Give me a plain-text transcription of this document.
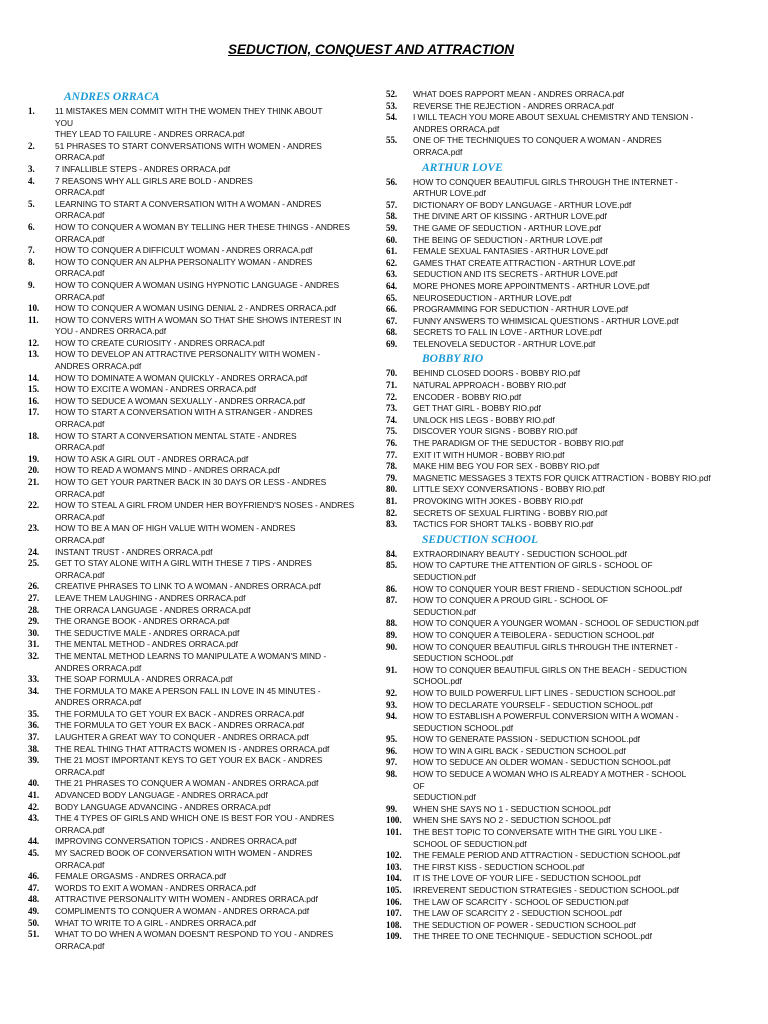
SEDUCTION, CONQUEST AND ATTRACTION
ANDRES ORRACA
1.	11 MISTAKES MEN COMMIT WITH THE WOMEN THEY THINK ABOUT
YOU
THEY LEAD TO FAILURE - ANDRES ORRACA.pdf
2.	51 PHRASES TO START CONVERSATIONS WITH WOMEN - ANDRES
ORRACA.pdf
3.	7 INFALLIBLE STEPS - ANDRES ORRACA.pdf
4.	7 REASONS WHY ALL GIRLS ARE BOLD - ANDRES
ORRACA.pdf
5.	LEARNING TO START A CONVERSATION WITH A WOMAN - ANDRES
ORRACA.pdf
6.	HOW TO CONQUER A WOMAN BY TELLING HER THESE THINGS - ANDRES
ORRACA.pdf
7.	HOW TO CONQUER A DIFFICULT WOMAN - ANDRES ORRACA.pdf
8.	HOW TO CONQUER AN ALPHA PERSONALITY WOMAN - ANDRES
ORRACA.pdf
9.	HOW TO CONQUER A WOMAN USING HYPNOTIC LANGUAGE - ANDRES
ORRACA.pdf
10.	HOW TO CONQUER A WOMAN USING DENIAL 2 - ANDRES ORRACA.pdf
11.	HOW TO CONVERS WITH A WOMAN SO THAT SHE SHOWS INTEREST IN
YOU - ANDRES ORRACA.pdf
12.	HOW TO CREATE CURIOSITY - ANDRES ORRACA.pdf
13.	HOW TO DEVELOP AN ATTRACTIVE PERSONALITY WITH WOMEN -
ANDRES ORRACA.pdf
14.	HOW TO DOMINATE A WOMAN QUICKLY - ANDRES ORRACA.pdf
15.	HOW TO EXCITE A WOMAN - ANDRES ORRACA.pdf
16.	HOW TO SEDUCE A WOMAN SEXUALLY - ANDRES ORRACA.pdf
17.	HOW TO START A CONVERSATION WITH A STRANGER - ANDRES
ORRACA.pdf
18.	HOW TO START A CONVERSATION MENTAL STATE - ANDRES
ORRACA.pdf
19.	HOW TO ASK A GIRL OUT - ANDRES ORRACA.pdf
20.	HOW TO READ A WOMAN'S MIND - ANDRES ORRACA.pdf
21.	HOW TO GET YOUR PARTNER BACK IN 30 DAYS OR LESS - ANDRES
ORRACA.pdf
22.	HOW TO STEAL A GIRL FROM UNDER HER BOYFRIEND'S NOSES - ANDRES
ORRACA.pdf
23.	HOW TO BE A MAN OF HIGH VALUE WITH WOMEN - ANDRES
ORRACA.pdf
24.	INSTANT TRUST - ANDRES ORRACA.pdf
25.	GET TO STAY ALONE WITH A GIRL WITH THESE 7 TIPS - ANDRES
ORRACA.pdf
26.	CREATIVE PHRASES TO LINK TO A WOMAN - ANDRES ORRACA.pdf
27.	LEAVE THEM LAUGHING - ANDRES ORRACA.pdf
28.	THE ORRACA LANGUAGE - ANDRES ORRACA.pdf
29.	THE ORANGE BOOK - ANDRES ORRACA.pdf
30.	THE SEDUCTIVE MALE - ANDRES ORRACA.pdf
31.	THE MENTAL METHOD - ANDRES ORRACA.pdf
32.	THE MENTAL METHOD LEARNS TO MANIPULATE A WOMAN'S MIND -
ANDRES ORRACA.pdf
33.	THE SOAP FORMULA - ANDRES ORRACA.pdf
34.	THE FORMULA TO MAKE A PERSON FALL IN LOVE IN 45 MINUTES -
ANDRES ORRACA.pdf
35.	THE FORMULA TO GET YOUR EX BACK - ANDRES ORRACA.pdf
36.	THE FORMULA TO GET YOUR EX BACK - ANDRES ORRACA.pdf
37.	LAUGHTER A GREAT WAY TO CONQUER - ANDRES ORRACA.pdf
38.	THE REAL THING THAT ATTRACTS WOMEN IS - ANDRES ORRACA.pdf
39.	THE 21 MOST IMPORTANT KEYS TO GET YOUR EX BACK - ANDRES
ORRACA.pdf
40.	THE 21 PHRASES TO CONQUER A WOMAN - ANDRES ORRACA.pdf
41.	ADVANCED BODY LANGUAGE - ANDRES ORRACA.pdf
42.	BODY LANGUAGE ADVANCING - ANDRES ORRACA.pdf
43.	THE 4 TYPES OF GIRLS AND WHICH ONE IS BEST FOR YOU - ANDRES
ORRACA.pdf
44.	IMPROVING CONVERSATION TOPICS - ANDRES ORRACA.pdf
45.	MY SACRED BOOK OF CONVERSATION WITH WOMEN - ANDRES
ORRACA.pdf
46.	FEMALE ORGASMS - ANDRES ORRACA.pdf
47.	WORDS TO EXIT A WOMAN - ANDRES ORRACA.pdf
48.	ATTRACTIVE PERSONALITY WITH WOMEN - ANDRES ORRACA.pdf
49.	COMPLIMENTS TO CONQUER A WOMAN - ANDRES ORRACA.pdf
50.	WHAT TO WRITE TO A GIRL - ANDRES ORRACA.pdf
51.	WHAT TO DO WHEN A WOMAN DOESN'T RESPOND TO YOU - ANDRES
ORRACA.pdf
52.	WHAT DOES RAPPORT MEAN - ANDRES ORRACA.pdf
53.	REVERSE THE REJECTION - ANDRES ORRACA.pdf
54.	I WILL TEACH YOU MORE ABOUT SEXUAL CHEMISTRY AND TENSION -
ANDRES ORRACA.pdf
55.	ONE OF THE TECHNIQUES TO CONQUER A WOMAN - ANDRES
ORRACA.pdf
ARTHUR LOVE
56.	HOW TO CONQUER BEAUTIFUL GIRLS THROUGH THE INTERNET -
ARTHUR LOVE.pdf
57.	DICTIONARY OF BODY LANGUAGE - ARTHUR LOVE.pdf
58.	THE DIVINE ART OF KISSING - ARTHUR LOVE.pdf
59.	THE GAME OF SEDUCTION - ARTHUR LOVE.pdf
60.	THE BEING OF SEDUCTION - ARTHUR LOVE.pdf
61.	FEMALE SEXUAL FANTASIES - ARTHUR LOVE.pdf
62.	GAMES THAT CREATE ATTRACTION - ARTHUR LOVE.pdf
63.	SEDUCTION AND ITS SECRETS - ARTHUR LOVE.pdf
64.	MORE PHONES MORE APPOINTMENTS - ARTHUR LOVE.pdf
65.	NEUROSEDUCTION - ARTHUR LOVE.pdf
66.	PROGRAMMING FOR SEDUCTION - ARTHUR LOVE.pdf
67.	FUNNY ANSWERS TO WHIMSICAL QUESTIONS - ARTHUR LOVE.pdf
68.	SECRETS TO FALL IN LOVE - ARTHUR LOVE.pdf
69.	TELENOVELA SEDUCTOR - ARTHUR LOVE.pdf
BOBBY RIO
70.	BEHIND CLOSED DOORS - BOBBY RIO.pdf
71.	NATURAL APPROACH - BOBBY RIO.pdf
72.	ENCODER - BOBBY RIO.pdf
73.	GET THAT GIRL - BOBBY RIO.pdf
74.	UNLOCK HIS LEGS - BOBBY RIO.pdf
75.	DISCOVER YOUR SIGNS - BOBBY RIO.pdf
76.	THE PARADIGM OF THE SEDUCTOR - BOBBY RIO.pdf
77.	EXIT IT WITH HUMOR - BOBBY RIO.pdf
78.	MAKE HIM BEG YOU FOR SEX - BOBBY RIO.pdf
79.	MAGNETIC MESSAGES 3 TEXTS FOR QUICK ATTRACTION - BOBBY RIO.pdf
80.	LITTLE SEXY CONVERSATIONS - BOBBY RIO.pdf
81.	PROVOKING WITH JOKES - BOBBY RIO.pdf
82.	SECRETS OF SEXUAL FLIRTING - BOBBY RIO.pdf
83.	TACTICS FOR SHORT TALKS - BOBBY RIO.pdf
SEDUCTION SCHOOL
84.	EXTRAORDINARY BEAUTY - SEDUCTION SCHOOL.pdf
85.	HOW TO CAPTURE THE ATTENTION OF GIRLS - SCHOOL OF
SEDUCTION.pdf
86.	HOW TO CONQUER YOUR BEST FRIEND - SEDUCTION SCHOOL.pdf
87.	HOW TO CONQUER A PROUD GIRL - SCHOOL OF
SEDUCTION.pdf
88.	HOW TO CONQUER A YOUNGER WOMAN - SCHOOL OF SEDUCTION.pdf
89.	HOW TO CONQUER A TEIBOLERA - SEDUCTION SCHOOL.pdf
90.	HOW TO CONQUER BEAUTIFUL GIRLS THROUGH THE INTERNET -
SEDUCTION SCHOOL.pdf
91.	HOW TO CONQUER BEAUTIFUL GIRLS ON THE BEACH - SEDUCTION
SCHOOL.pdf
92.	HOW TO BUILD POWERFUL LIFT LINES - SEDUCTION SCHOOL.pdf
93.	HOW TO DECLARATE YOURSELF - SEDUCTION SCHOOL.pdf
94.	HOW TO ESTABLISH A POWERFUL CONVERSION WITH A WOMAN -
SEDUCTION SCHOOL.pdf
95.	HOW TO GENERATE PASSION - SEDUCTION SCHOOL.pdf
96.	HOW TO WIN A GIRL BACK - SEDUCTION SCHOOL.pdf
97.	HOW TO SEDUCE AN OLDER WOMAN - SEDUCTION SCHOOL.pdf
98.	HOW TO SEDUCE A WOMAN WHO IS ALREADY A MOTHER - SCHOOL
OF
SEDUCTION.pdf
99.	WHEN SHE SAYS NO 1 - SEDUCTION SCHOOL.pdf
100.	WHEN SHE SAYS NO 2 - SEDUCTION SCHOOL.pdf
101.	THE BEST TOPIC TO CONVERSATE WITH THE GIRL YOU LIKE -
SCHOOL OF SEDUCTION.pdf
102.	THE FEMALE PERIOD AND ATTRACTION - SEDUCTION SCHOOL.pdf
103.	THE FIRST KISS - SEDUCTION SCHOOL.pdf
104.	IT IS THE LOVE OF YOUR LIFE - SEDUCTION SCHOOL.pdf
105.	IRREVERENT SEDUCTION STRATEGIES - SEDUCTION SCHOOL.pdf
106.	THE LAW OF SCARCITY - SCHOOL OF SEDUCTION.pdf
107.	THE LAW OF SCARCITY 2 - SEDUCTION SCHOOL.pdf
108.	THE SEDUCTION OF POWER - SEDUCTION SCHOOL.pdf
109.	THE THREE TO ONE TECHNIQUE - SEDUCTION SCHOOL.pdf
